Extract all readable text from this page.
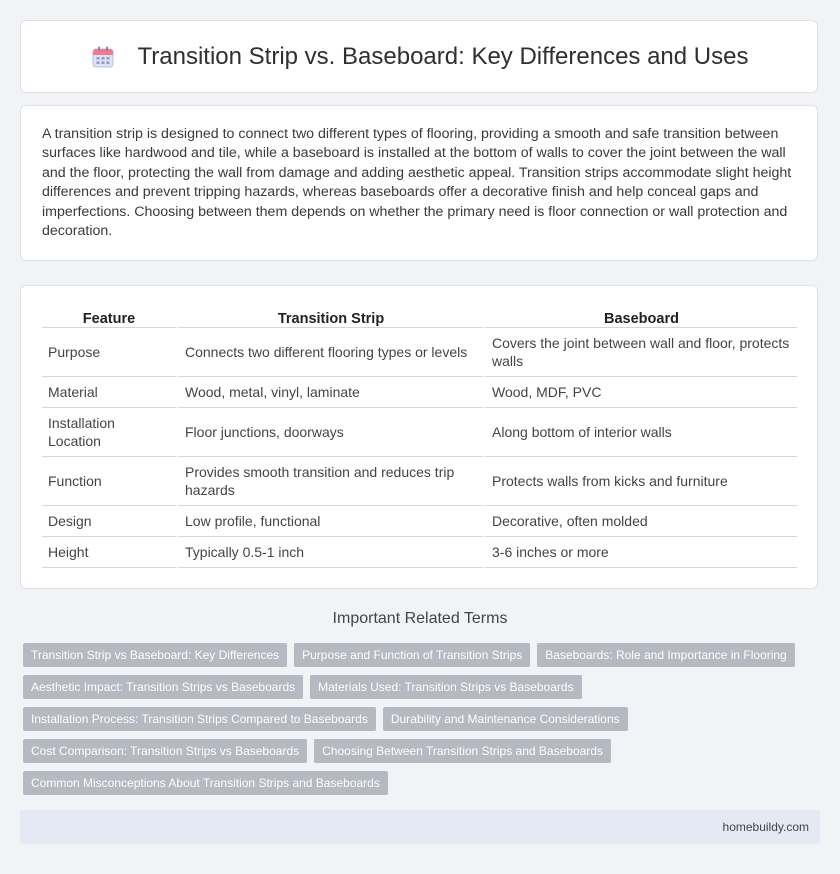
Transition Strip vs. Baseboard: Key Differences and Uses

A transition strip is designed to connect two different types of flooring, providing a smooth and safe transition between surfaces like hardwood and tile, while a baseboard is installed at the bottom of walls to cover the joint between the wall and the floor, protecting the wall from damage and adding aesthetic appeal. Transition strips accommodate slight height differences and prevent tripping hazards, whereas baseboards offer a decorative finish and help conceal gaps and imperfections. Choosing between them depends on whether the primary need is floor connection or wall protection and decoration.

Feature	Transition Strip	Baseboard
Purpose	Connects two different flooring types or levels	Covers the joint between wall and floor, protects walls
Material	Wood, metal, vinyl, laminate	Wood, MDF, PVC
Installation Location	Floor junctions, doorways	Along bottom of interior walls
Function	Provides smooth transition and reduces trip hazards	Protects walls from kicks and furniture
Design	Low profile, functional	Decorative, often molded
Height	Typically 0.5-1 inch	3-6 inches or more
Important Related Terms
Transition Strip vs Baseboard: Key Differences	Purpose and Function of Transition Strips	Baseboards: Role and Importance in Flooring
Aesthetic Impact: Transition Strips vs Baseboards	Materials Used: Transition Strips vs Baseboards
Installation Process: Transition Strips Compared to Baseboards	Durability and Maintenance Considerations
Cost Comparison: Transition Strips vs Baseboards	Choosing Between Transition Strips and Baseboards
Common Misconceptions About Transition Strips and Baseboards
homebuildy.com
